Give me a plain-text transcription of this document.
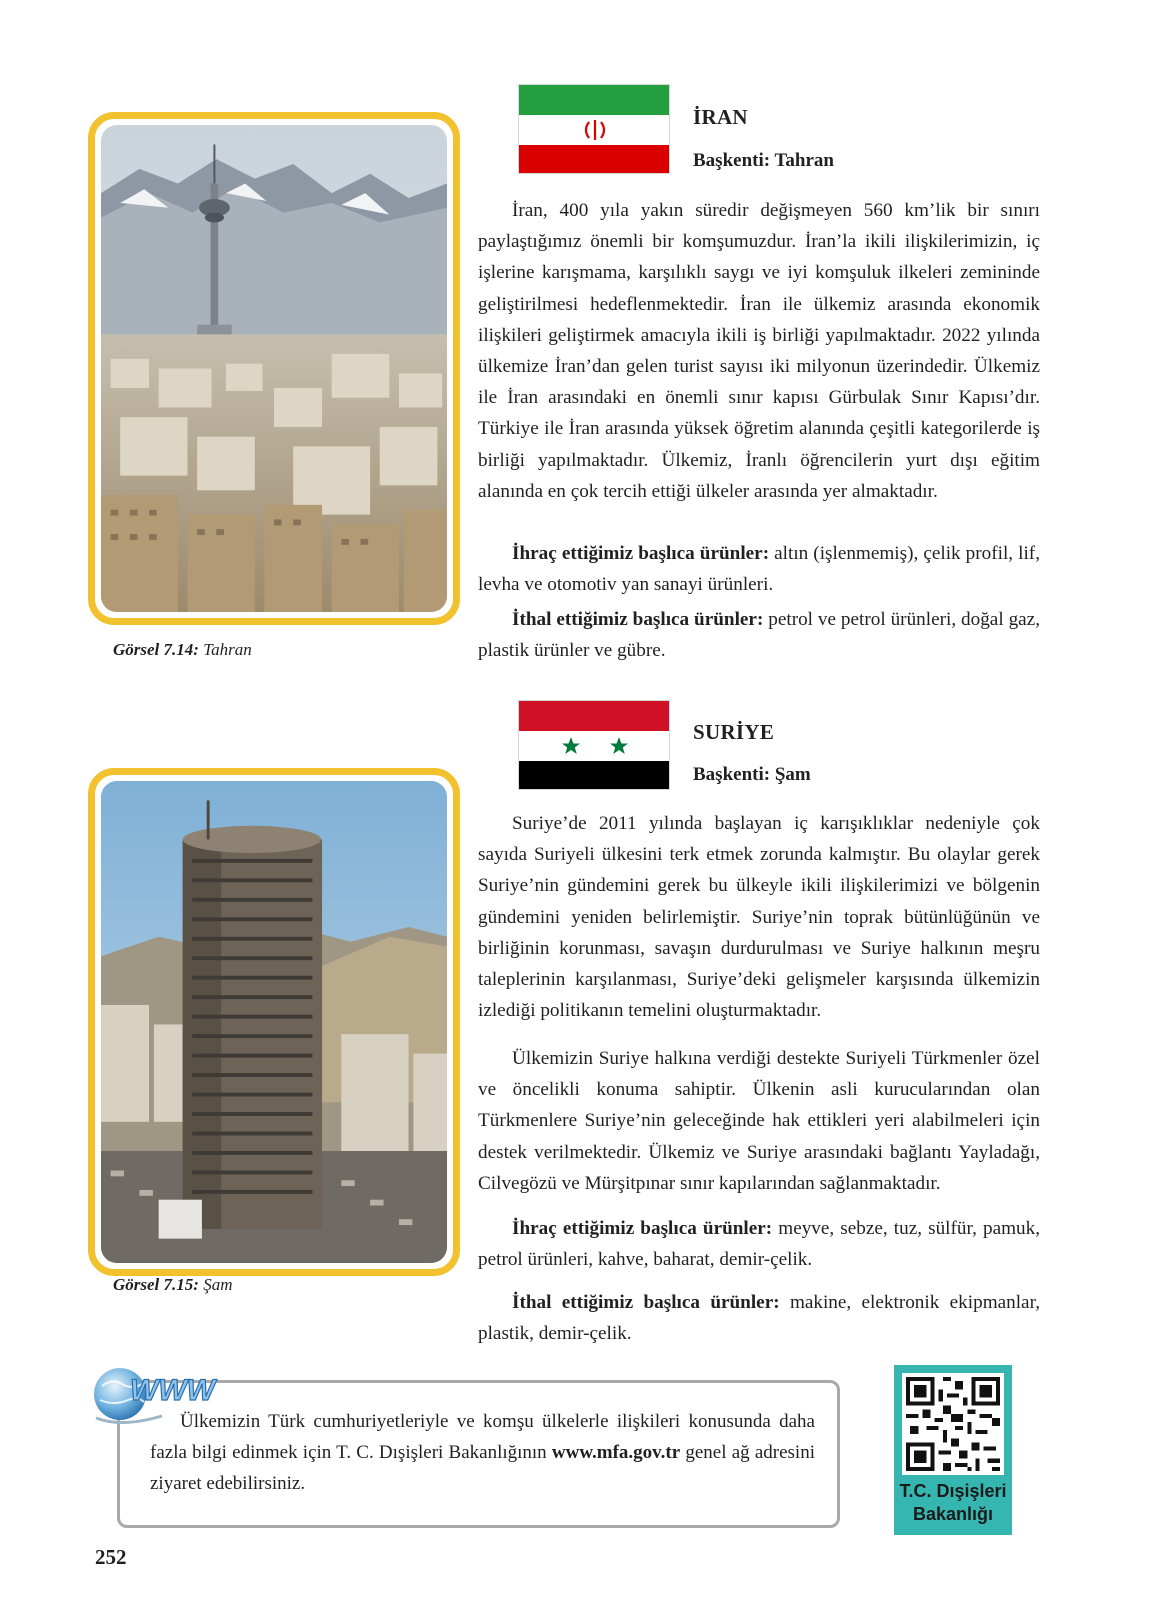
Görsel 7.14: Tahran
İRAN
Başkenti: Tahran
İran, 400 yıla yakın süredir değişmeyen 560 km’lik bir sınırı paylaştığımız önemli bir komşumuzdur. İran’la ikili ilişkilerimizin, iç işlerine karışmama, karşılıklı saygı ve iyi komşuluk ilkeleri zemininde geliştirilmesi hedeflenmektedir. İran ile ülkemiz arasında ekonomik ilişkileri geliştirmek amacıyla ikili iş birliği yapılmaktadır. 2022 yılında ülkemize İran’dan gelen turist sayısı iki milyonun üzerindedir. Ülkemiz ile İran arasındaki en önemli sınır kapısı Gürbulak Sınır Kapısı’dır. Türkiye ile İran arasında yüksek öğretim alanında çeşitli kategorilerde iş birliği yapılmaktadır. Ülkemiz, İranlı öğrencilerin yurt dışı eğitim alanında en çok tercih ettiği ülkeler arasında yer almaktadır.
İhraç ettiğimiz başlıca ürünler: altın (işlenmemiş), çelik profil, lif, levha ve otomotiv yan sanayi ürünleri.
İthal ettiğimiz başlıca ürünler: petrol ve petrol ürünleri, doğal gaz, plastik ürünler ve gübre.
Görsel 7.15: Şam
SURİYE
Başkenti: Şam
Suriye’de 2011 yılında başlayan iç karışıklıklar nedeniyle çok sayıda Suriyeli ülkesini terk etmek zorunda kalmıştır. Bu olaylar gerek Suriye’nin gündemini gerek bu ülkeyle ikili ilişkilerimizi ve bölgenin gündemini yeniden belirlemiştir. Suriye’nin toprak bütünlüğünün ve birliğinin korunması, savaşın durdurulması ve Suriye halkının meşru taleplerinin karşılanması, Suriye’deki gelişmeler karşısında ülkemizin izlediği politikanın temelini oluşturmaktadır.
Ülkemizin Suriye halkına verdiği destekte Suriyeli Türkmenler özel ve öncelikli konuma sahiptir. Ülkenin asli kurucularından olan Türkmenlere Suriye’nin geleceğinde hak ettikleri yeri alabilmeleri için destek verilmektedir. Ülkemiz ve Suriye arasındaki bağlantı Yayladağı, Cilvegözü ve Mürşitpınar sınır kapılarından sağlanmaktadır.
İhraç ettiğimiz başlıca ürünler: meyve, sebze, tuz, sülfür, pamuk, petrol ürünleri, kahve, baharat, demir-çelik.
İthal ettiğimiz başlıca ürünler: makine, elektronik ekipmanlar, plastik, demir-çelik.
WWW
Ülkemizin Türk cumhuriyetleriyle ve komşu ülkelerle ilişkileri konusunda daha fazla bilgi edinmek için T. C. Dışişleri Bakanlığının www.mfa.gov.tr genel ağ adresini ziyaret edebilirsiniz.	T.C. Dışişleri
Bakanlığı
252
